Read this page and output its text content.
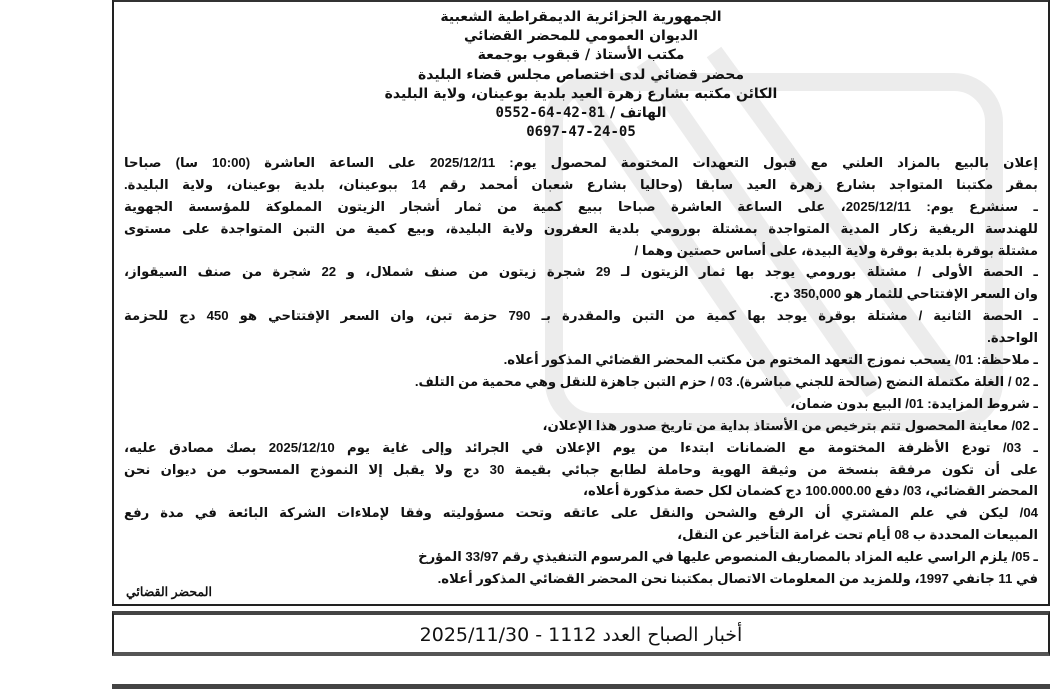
الجمهورية الجزائرية الديمقراطية الشعبية
الديوان العمومي للمحضر القضائي
مكتب الأستاذ / قبقوب بوجمعة
محضر قضائي لدى اختصاص مجلس قضاء البليدة
الكائن مكتبه بشارع زهرة العيد بلدية بوعينان، ولاية البليدة
الهاتف / 0552-64-42-81
0697-47-24-05
إعلان بالبيع بالمزاد العلني مع قبول التعهدات المختومة لمحصول يوم: 2025/12/11 على الساعة العاشرة (10:00 سا) صباحا
بمقر مكتبنا المتواجد بشارع زهرة العيد سابقا (وحاليا بشارع شعبان أمحمد رقم 14 ببوعينان، بلدية بوعينان، ولاية البليدة.
ـ سنشرع يوم: 2025/12/11، على الساعة العاشرة صباحا ببيع كمية من ثمار أشجار الزيتون المملوكة للمؤسسة الجهوية
للهندسة الريفية زكار المدية المتواجدة بمشتلة بورومي بلدية العفرون ولاية البليدة، وبيع كمية من التبن المتواجدة على مستوى
مشتلة بوقرة بلدية بوقرة ولاية البيدة، على أساس حصتين وهما /
ـ الحصة الأولى / مشتلة بورومي يوجد بها ثمار الزيتون لـ 29 شجرة زيتون من صنف شملال، و 22 شجرة من صنف السيقواز،
وان السعر الإفتتاحي للثمار هو 350,000 دج.
ـ الحصة الثانية / مشتلة بوقرة يوجد بها كمية من التبن والمقدرة بـ 790 حزمة تبن، وان السعر الإفتتاحي هو 450 دج للحزمة
الواحدة.
ـ ملاحظة: 01/ يسحب نموزج التعهد المختوم من مكتب المحضر القضائي المذكور أعلاه.
ـ 02 / الغلة مكتملة النضج (صالحة للجني مباشرة). 03 / حزم التبن جاهزة للنقل وهي محمية من التلف.
ـ شروط المزايدة: 01/ البيع بدون ضمان،
ـ 02/ معاينة المحصول تتم بترخيص من الأستاذ بداية من تاريخ صدور هذا الإعلان،
ـ 03/ تودع الأظرفة المختومة مع الضمانات ابتدءا من يوم الإعلان في الجرائد وإلى غاية يوم 2025/12/10 بصك مصادق عليه،
على أن تكون مرفقة بنسخة من وثيقة الهوية وحاملة لطابع جبائي بقيمة 30 دج ولا يقبل إلا النموذج المسحوب من ديوان نحن
المحضر القضائي، 03/ دفع 100.000.00 دج كضمان لكل حصة مذكورة أعلاه،
04/ ليكن في علم المشتري أن الرفع والشحن والنقل على عاتقه وتحت مسؤوليته وفقا لإملاءات الشركة البائعة في مدة رفع
المبيعات المحددة ب 08 أيام تحت غرامة التأخير عن النقل،
ـ 05/ يلزم الراسي عليه المزاد بالمصاريف المنصوص عليها في المرسوم التنفيذي رقم 33/97 المؤرخ
في 11 جانفي 1997، وللمزيد من المعلومات الاتصال بمكتبنا نحن المحضر القضائي المذكور أعلاه.
المحضر القضائي
أخبار الصباح العدد 1112 - 2025/11/30
